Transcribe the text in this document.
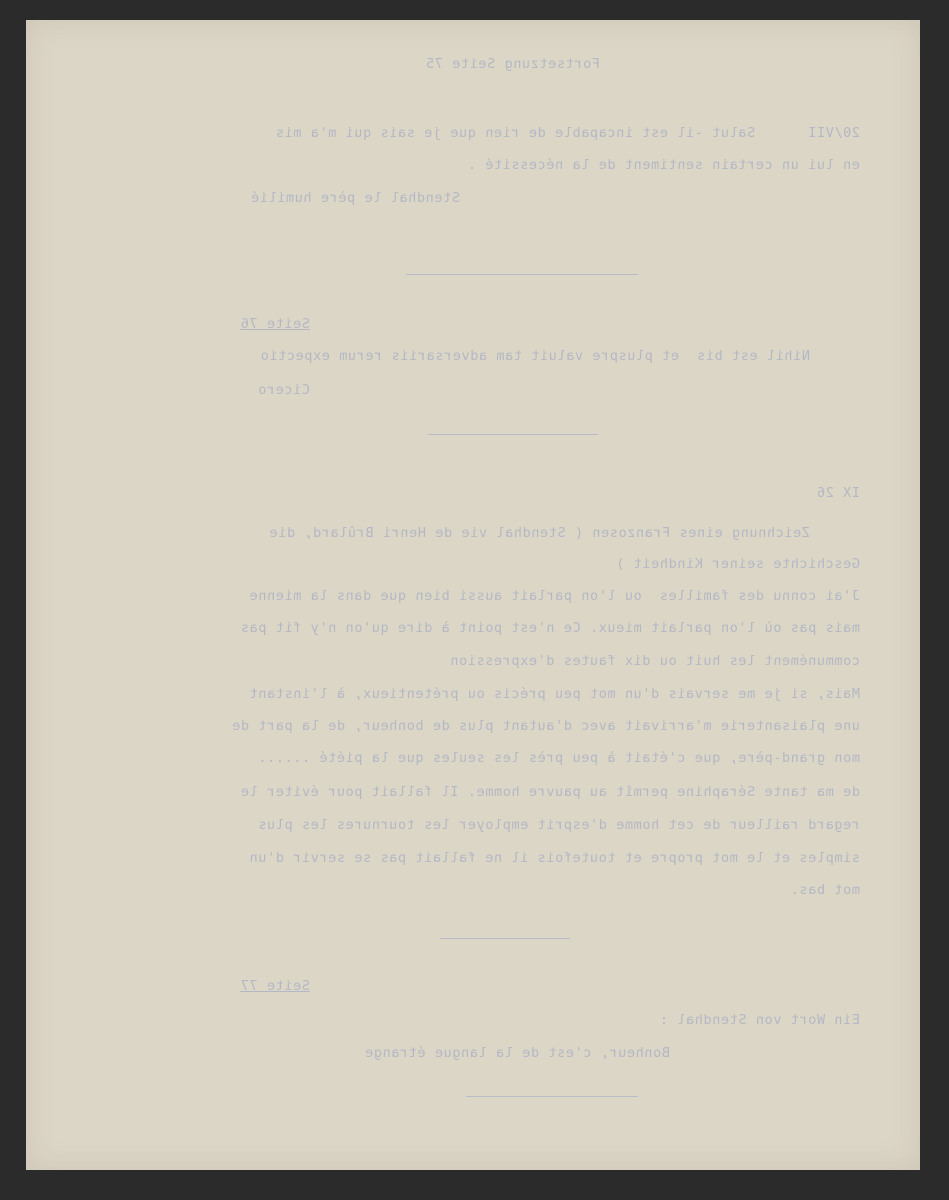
Fortsetzung Seite 75
20/VII      Salut -il est incapable de rien que je sais qui m'a mis
en lui un certain sentiment de la nécessité .
Stendhal le père humilié
Seite 76
Nihil est bis  et pluspre valuit tam adversariis rerum expectio
Cicero
IX 26
Zeichnung eines Franzosen ( Stendhal vie de Henri Brûlard, die
Geschichte seiner Kindheit )
J'ai connu des familles  ou l'on parlait aussi bien que dans la mienne
mais pas où l'on parlait mieux. Ce n'est point à dire qu'on n'y fit pas
communément les huit ou dix fautes d'expression
Mais, si je me servais d'un mot peu précis ou prétentieux, à l'instant
une plaisanterie m'arrivait avec d'autant plus de bonheur, de la part de
mon grand-père, que c'était à peu près les seules que la piété ......
de ma tante Séraphine permît au pauvre homme. Il fallait pour éviter le
regard railleur de cet homme d'esprit employer les tournures les plus
simples et le mot propre et toutefois il ne fallait pas se servir d'un
mot bas.
Seite 77
Ein Wort von Stendhal :
Bonheur, c'est de la langue étrange
